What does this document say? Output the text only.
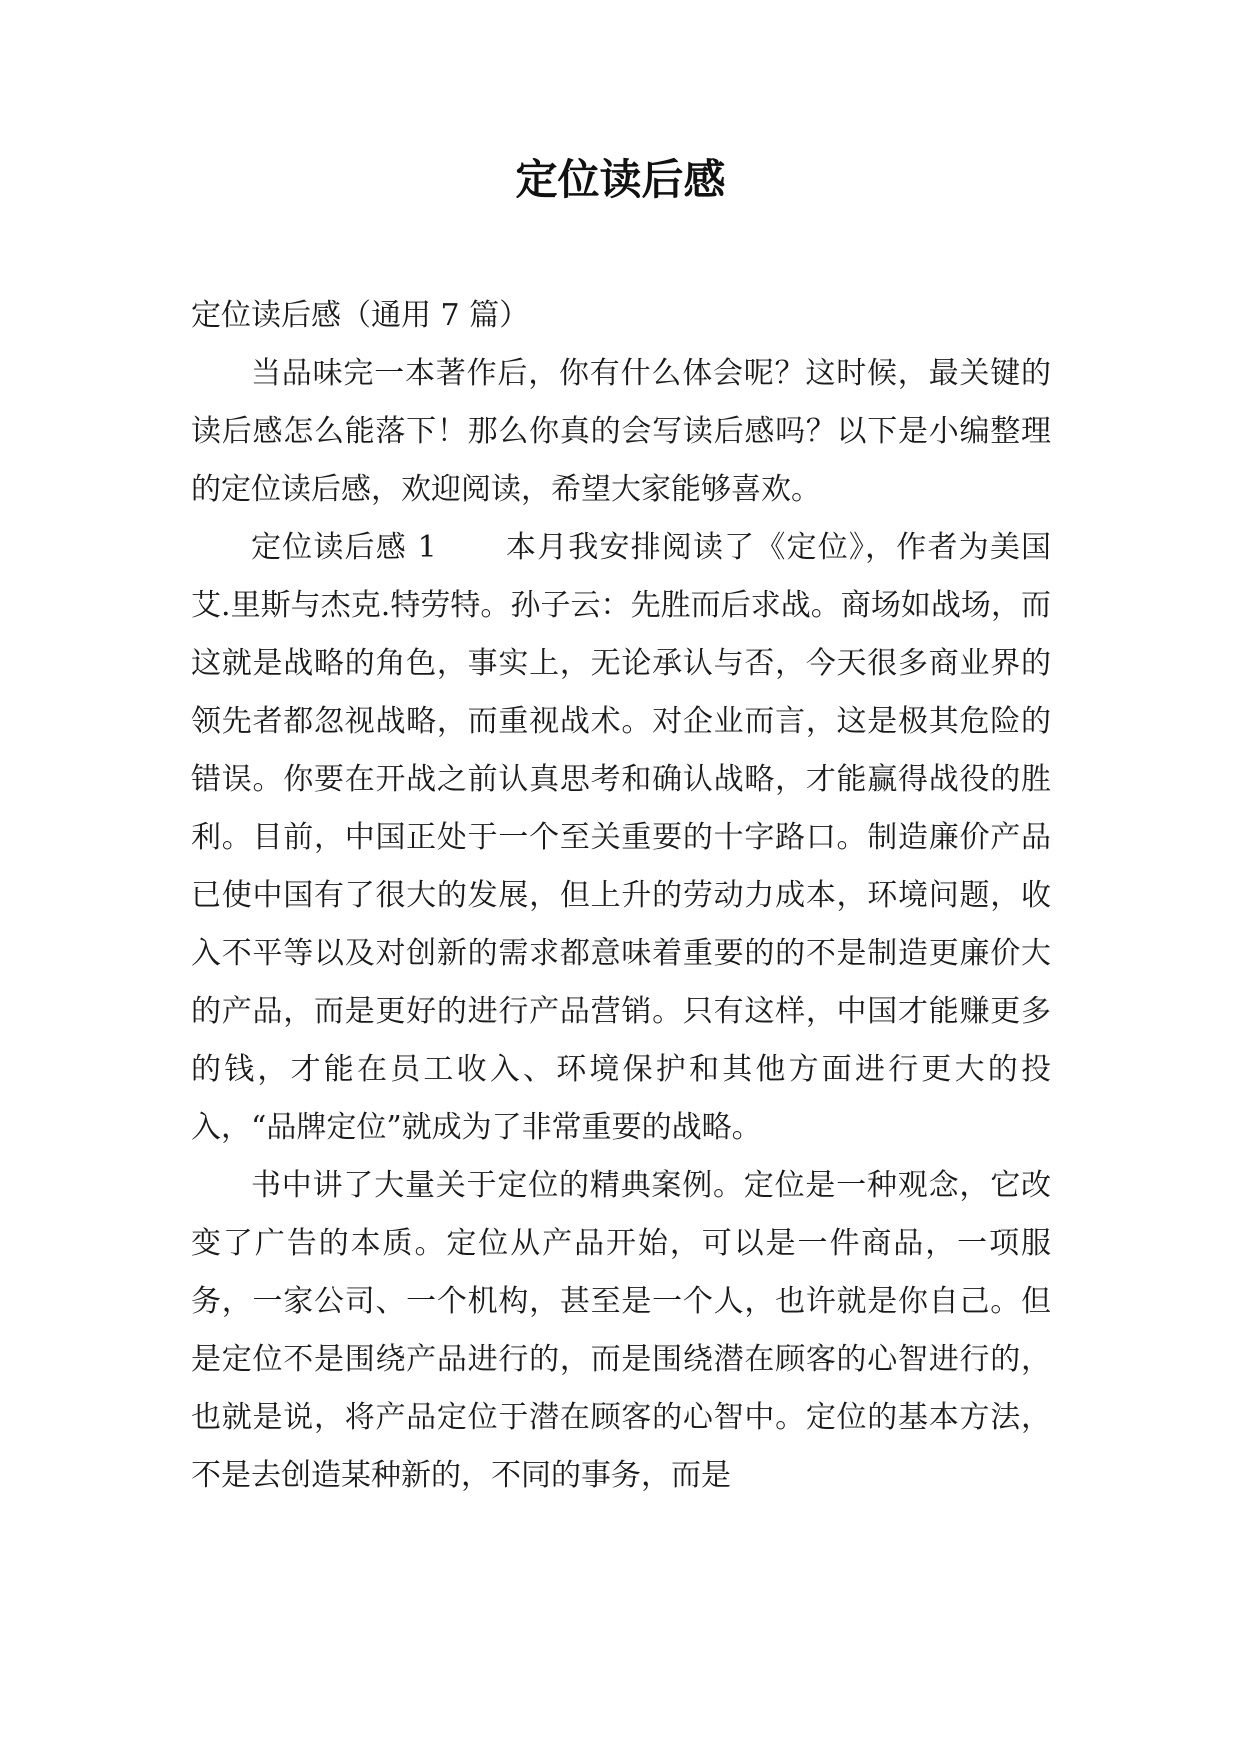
定位读后感

定位读后感（通用 7 篇）

当品味完一本著作后，你有什么体会呢？这时候，最关键的读后感怎么能落下！那么你真的会写读后感吗？以下是小编整理的定位读后感，欢迎阅读，希望大家能够喜欢。

定位读后感 1 本月我安排阅读了《定位》，作者为美国艾.里斯与杰克.特劳特。孙子云：先胜而后求战。商场如战场，而这就是战略的角色，事实上，无论承认与否，今天很多商业界的领先者都忽视战略，而重视战术。对企业而言，这是极其危险的错误。你要在开战之前认真思考和确认战略，才能赢得战役的胜利。目前，中国正处于一个至关重要的十字路口。制造廉价产品已使中国有了很大的发展，但上升的劳动力成本，环境问题，收入不平等以及对创新的需求都意味着重要的的不是制造更廉价大的产品，而是更好的进行产品营销。只有这样，中国才能赚更多的钱，才能在员工收入、环境保护和其他方面进行更大的投入，“品牌定位”就成为了非常重要的战略。

书中讲了大量关于定位的精典案例。定位是一种观念，它改变了广告的本质。定位从产品开始，可以是一件商品，一项服务，一家公司、一个机构，甚至是一个人，也许就是你自己。但是定位不是围绕产品进行的，而是围绕潜在顾客的心智进行的，也就是说，将产品定位于潜在顾客的心智中。定位的基本方法，不是去创造某种新的，不同的事务，而是
